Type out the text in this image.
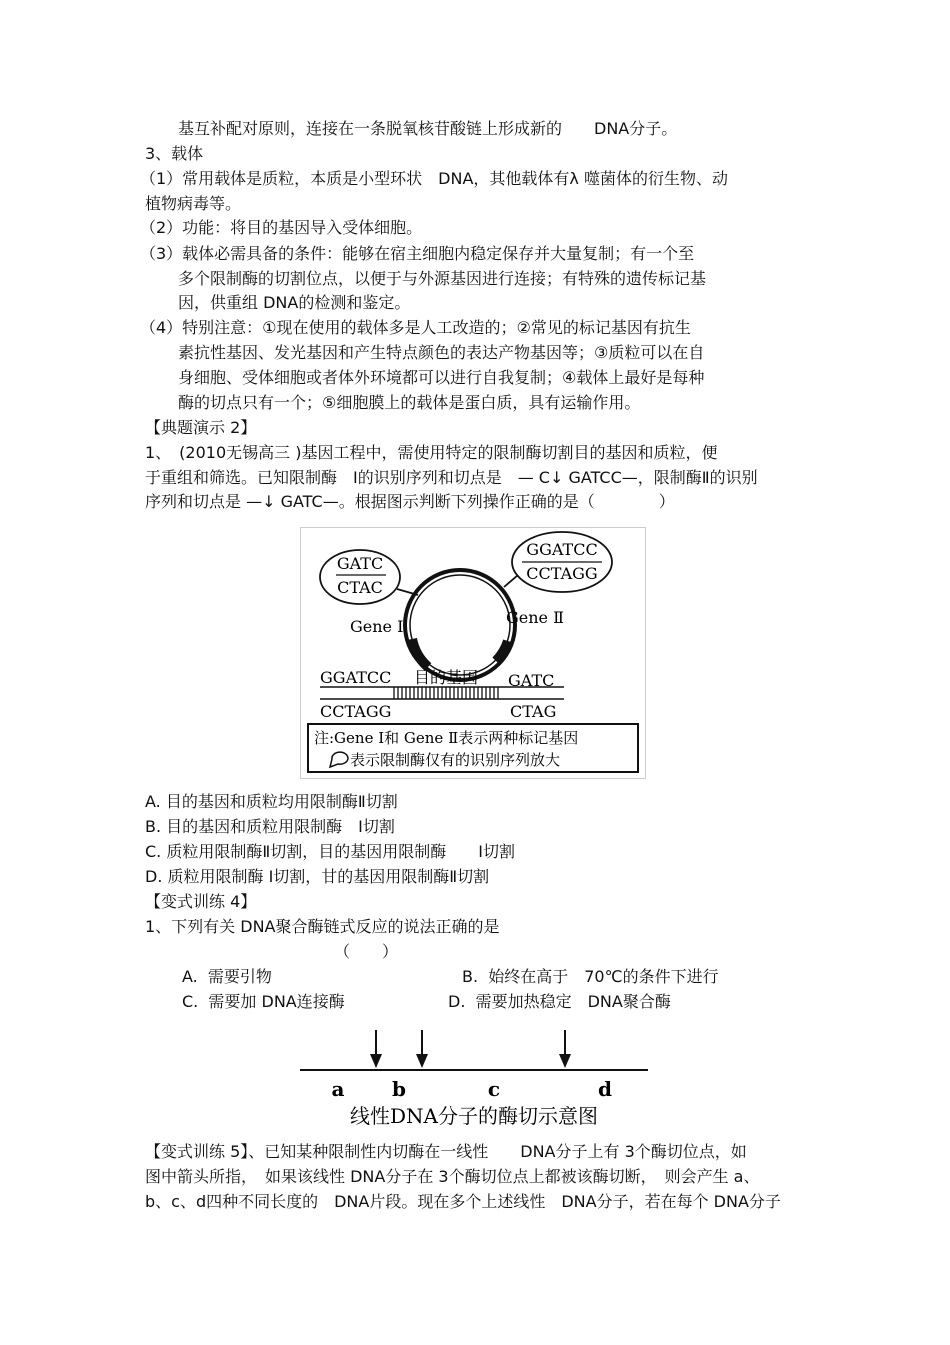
基互补配对原则，连接在一条脱氧核苷酸链上形成新的　　DNA分子。
3、载体
（1）常用载体是质粒，本质是小型环状　DNA，其他载体有λ 噬菌体的衍生物、动
植物病毒等。
（2）功能：将目的基因导入受体细胞。
（3）载体必需具备的条件：能够在宿主细胞内稳定保存并大量复制；有一个至
多个限制酶的切割位点，以便于与外源基因进行连接；有特殊的遗传标记基
因，供重组 DNA的检测和鉴定。
（4）特别注意：①现在使用的载体多是人工改造的；②常见的标记基因有抗生
素抗性基因、发光基因和产生特点颜色的表达产物基因等；③质粒可以在自
身细胞、受体细胞或者体外环境都可以进行自我复制；④载体上最好是每种
酶的切点只有一个；⑤细胞膜上的载体是蛋白质，具有运输作用。
【典题演示 2】
1、　(2010无锡高三 )基因工程中，需使用特定的限制酶切割目的基因和质粒，便
于重组和筛选。已知限制酶　Ⅰ的识别序列和切点是　— C↓ GATCC—，限制酶Ⅱ的识别
序列和切点是 —↓ GATC—。根据图示判断下列操作正确的是（　　　　）
GATC
CTAC
GGATCC
CCTAGG
Gene Ⅰ	Gene Ⅱ
GGATCC 目的基因 GATC
CCTAGG	CTAG
注:Gene Ⅰ和 Gene Ⅱ表示两种标记基因
表示限制酶仅有的识别序列放大
A. 目的基因和质粒均用限制酶Ⅱ切割
B. 目的基因和质粒用限制酶　Ⅰ切割
C. 质粒用限制酶Ⅱ切割，目的基因用限制酶　　Ⅰ切割
D. 质粒用限制酶 Ⅰ切割，甘的基因用限制酶Ⅱ切割
【变式训练 4】
1、下列有关 DNA聚合酶链式反应的说法正确的是
（　　）
A.  需要引物	B.  始终在高于　70℃的条件下进行
C.  需要加 DNA连接酶	D.  需要加热稳定　DNA聚合酶
a b	c	d
线性DNA分子的酶切示意图
【变式训练 5】、已知某种限制性内切酶在一线性　　DNA分子上有 3个酶切位点，如
图中箭头所指，　如果该线性 DNA分子在 3个酶切位点上都被该酶切断，　则会产生 a、
b、c、d四种不同长度的　DNA片段。现在多个上述线性　DNA分子，若在每个 DNA分子
